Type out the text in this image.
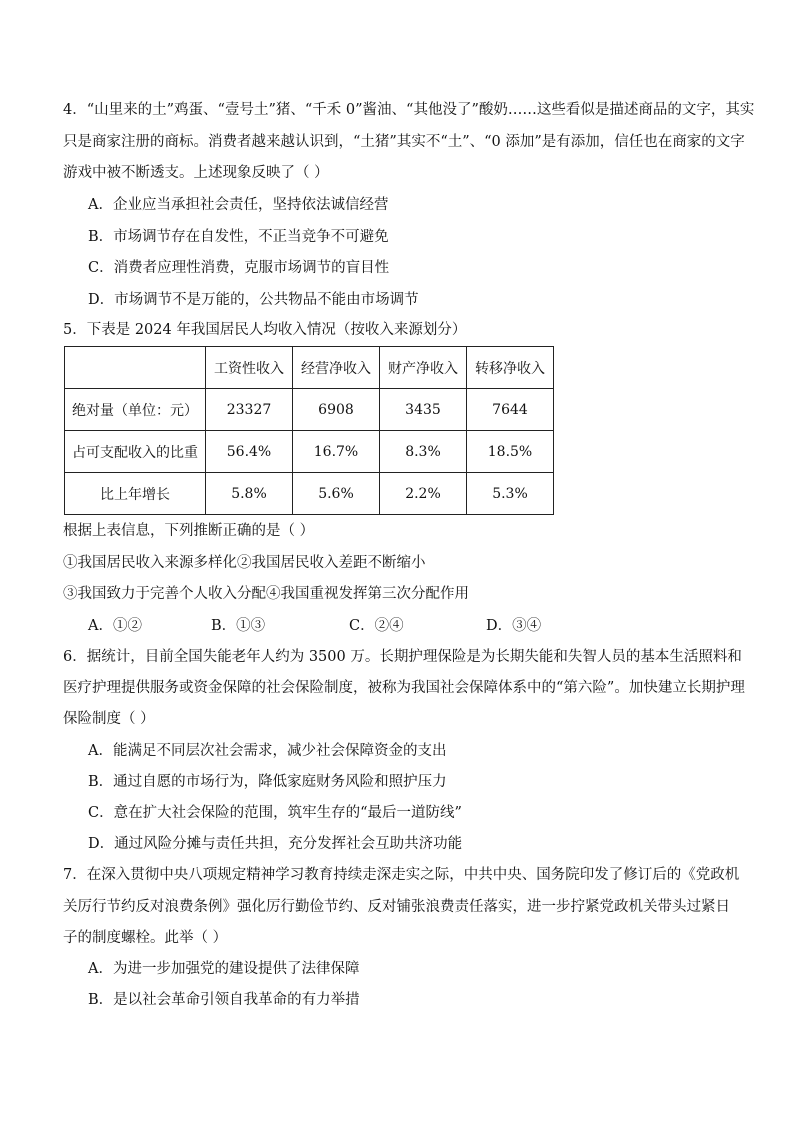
4．“山里来的土”鸡蛋、“壹号土”猪、“千禾 0”酱油、“其他没了”酸奶……这些看似是描述商品的文字，其实
只是商家注册的商标。消费者越来越认识到，“土猪”其实不“土”、“0 添加”是有添加，信任也在商家的文字
游戏中被不断透支。上述现象反映了（ ）
A．企业应当承担社会责任，坚持依法诚信经营
B．市场调节存在自发性，不正当竞争不可避免
C．消费者应理性消费，克服市场调节的盲目性
D．市场调节不是万能的，公共物品不能由市场调节
5．下表是 2024 年我国居民人均收入情况（按收入来源划分）
	工资性收入	经营净收入	财产净收入	转移净收入
绝对量（单位：元）	23327	6908	3435	7644
占可支配收入的比重	56.4%	16.7%	8.3%	18.5%
比上年增长	5.8%	5.6%	2.2%	5.3%
根据上表信息，下列推断正确的是（ ）
①我国居民收入来源多样化②我国居民收入差距不断缩小
③我国致力于完善个人收入分配④我国重视发挥第三次分配作用
A．①②	B．①③	C．②④	D．③④
6．据统计，目前全国失能老年人约为 3500 万。长期护理保险是为长期失能和失智人员的基本生活照料和
医疗护理提供服务或资金保障的社会保险制度，被称为我国社会保障体系中的“第六险”。加快建立长期护理
保险制度（ ）
A．能满足不同层次社会需求，减少社会保障资金的支出
B．通过自愿的市场行为，降低家庭财务风险和照护压力
C．意在扩大社会保险的范围，筑牢生存的“最后一道防线”
D．通过风险分摊与责任共担，充分发挥社会互助共济功能
7．在深入贯彻中央八项规定精神学习教育持续走深走实之际，中共中央、国务院印发了修订后的《党政机
关厉行节约反对浪费条例》强化厉行勤俭节约、反对铺张浪费责任落实，进一步拧紧党政机关带头过紧日
子的制度螺栓。此举（ ）
A．为进一步加强党的建设提供了法律保障
B．是以社会革命引领自我革命的有力举措
